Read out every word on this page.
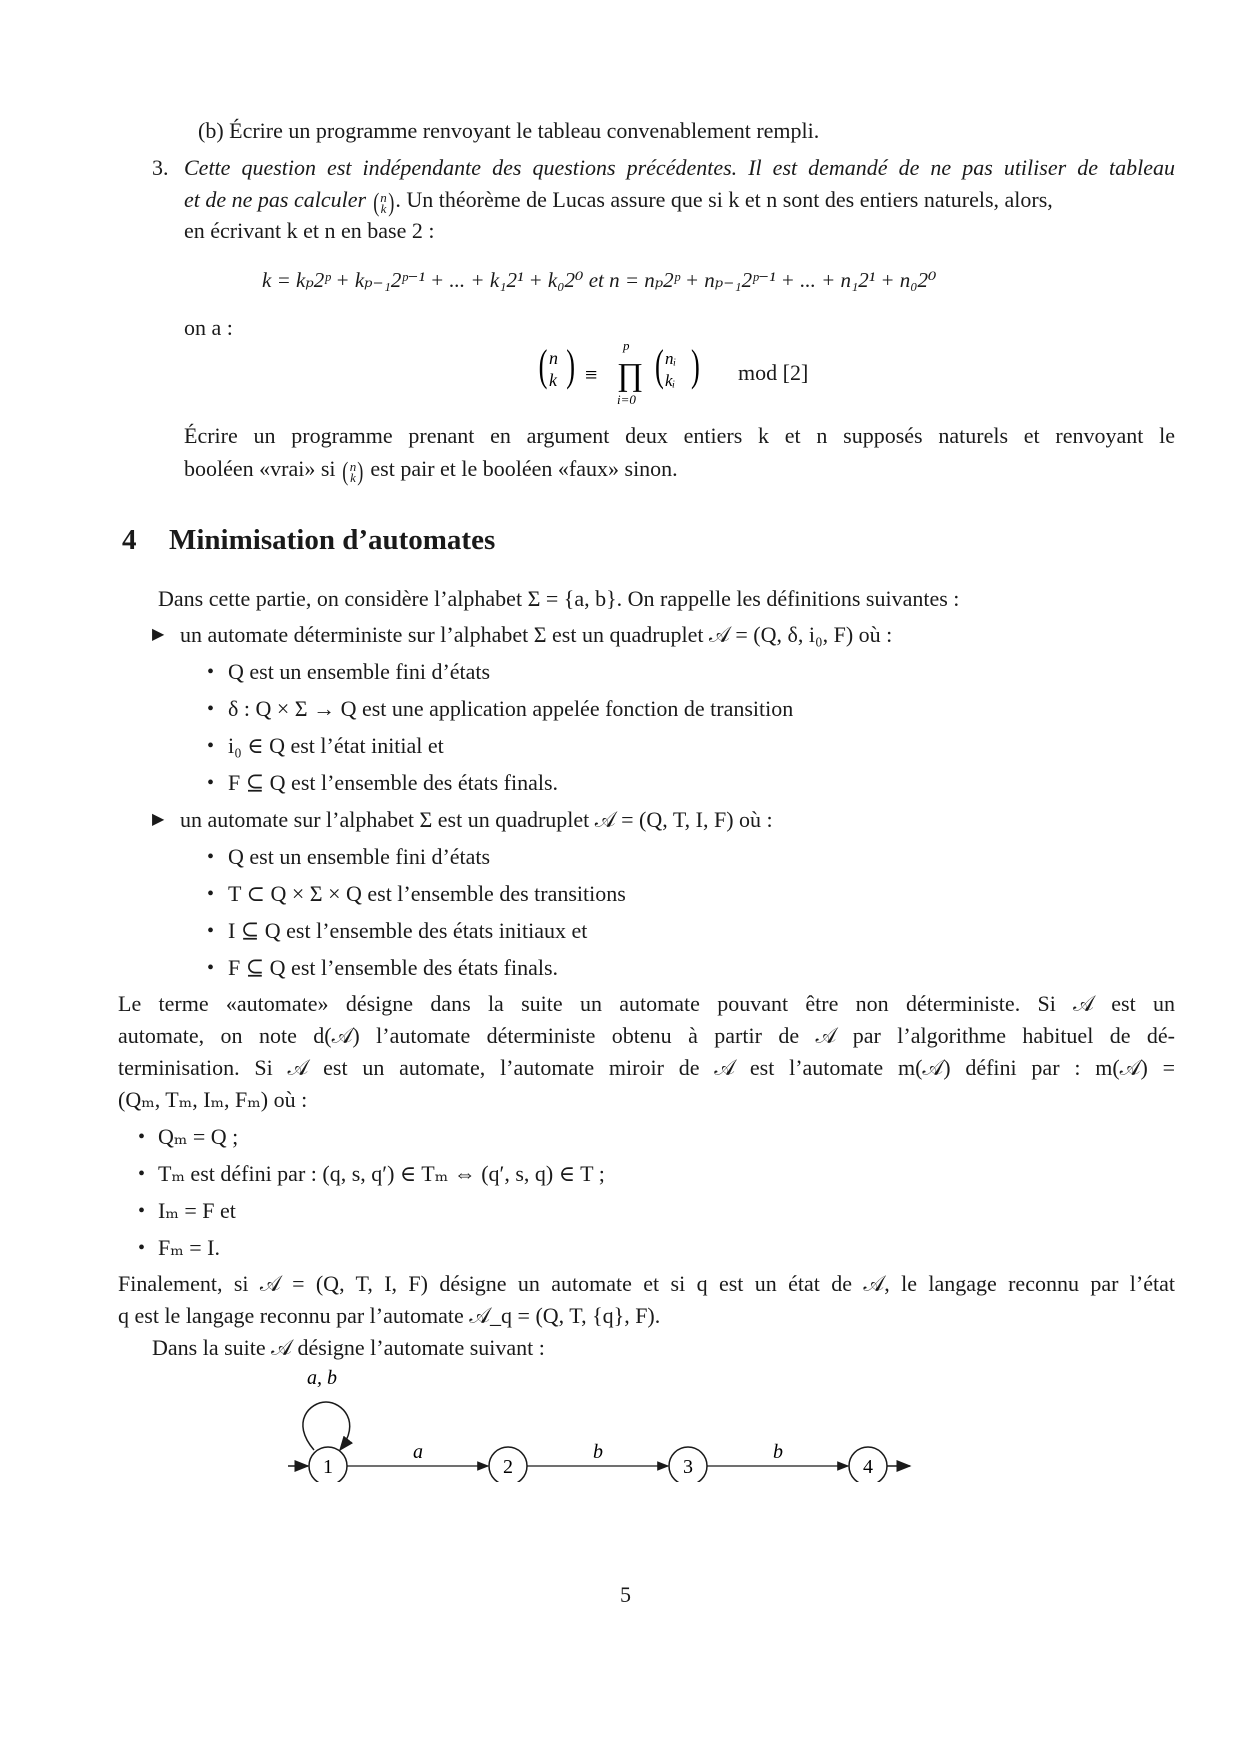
(b) Écrire un programme renvoyant le tableau convenablement rempli.
3. Cette question est indépendante des questions précédentes. Il est demandé de ne pas utiliser de tableau
et de ne pas calculer (n
k). Un théorème de Lucas assure que si k et n sont des entiers naturels, alors,
en écrivant k et n en base 2 :
k = kₚ2ᵖ + kₚ₋₁2ᵖ⁻¹ + ... + k₁2¹ + k₀2⁰ et n = nₚ2ᵖ + nₚ₋₁2ᵖ⁻¹ + ... + n₁2¹ + n₀2⁰
on a :
( n
k ) ≡ ∏
p
i=0
( nᵢ
kᵢ ) mod [2]
Écrire un programme prenant en argument deux entiers k et n supposés naturels et renvoyant le
booléen «vrai» si (n
k) est pair et le booléen «faux» sinon.
4 Minimisation d’automates
Dans cette partie, on considère l’alphabet Σ = {a, b}. On rappelle les définitions suivantes :
▶ un automate déterministe sur l’alphabet Σ est un quadruplet 𝒜 = (Q, δ, i₀, F) où :
• Q est un ensemble fini d’états
• δ : Q × Σ → Q est une application appelée fonction de transition
• i₀ ∈ Q est l’état initial et
• F ⊆ Q est l’ensemble des états finals.
▶ un automate sur l’alphabet Σ est un quadruplet 𝒜 = (Q, T, I, F) où :
• Q est un ensemble fini d’états
• T ⊂ Q × Σ × Q est l’ensemble des transitions
• I ⊆ Q est l’ensemble des états initiaux et
• F ⊆ Q est l’ensemble des états finals.
Le terme «automate» désigne dans la suite un automate pouvant être non déterministe. Si 𝒜 est un
automate, on note d(𝒜) l’automate déterministe obtenu à partir de 𝒜 par l’algorithme habituel de dé-
terminisation. Si 𝒜 est un automate, l’automate miroir de 𝒜 est l’automate m(𝒜) défini par : m(𝒜) =
(Qₘ, Tₘ, Iₘ, Fₘ) où :
• Qₘ = Q ;
• Tₘ est défini par : (q, s, q′) ∈ Tₘ ⇔ (q′, s, q) ∈ T ;
• Iₘ = F et
• Fₘ = I.
Finalement, si 𝒜 = (Q, T, I, F) désigne un automate et si q est un état de 𝒜, le langage reconnu par l’état
q est le langage reconnu par l’automate 𝒜_q = (Q, T, {q}, F).
Dans la suite 𝒜 désigne l’automate suivant :
a, b
1	2	3	4
a	b	b
5
